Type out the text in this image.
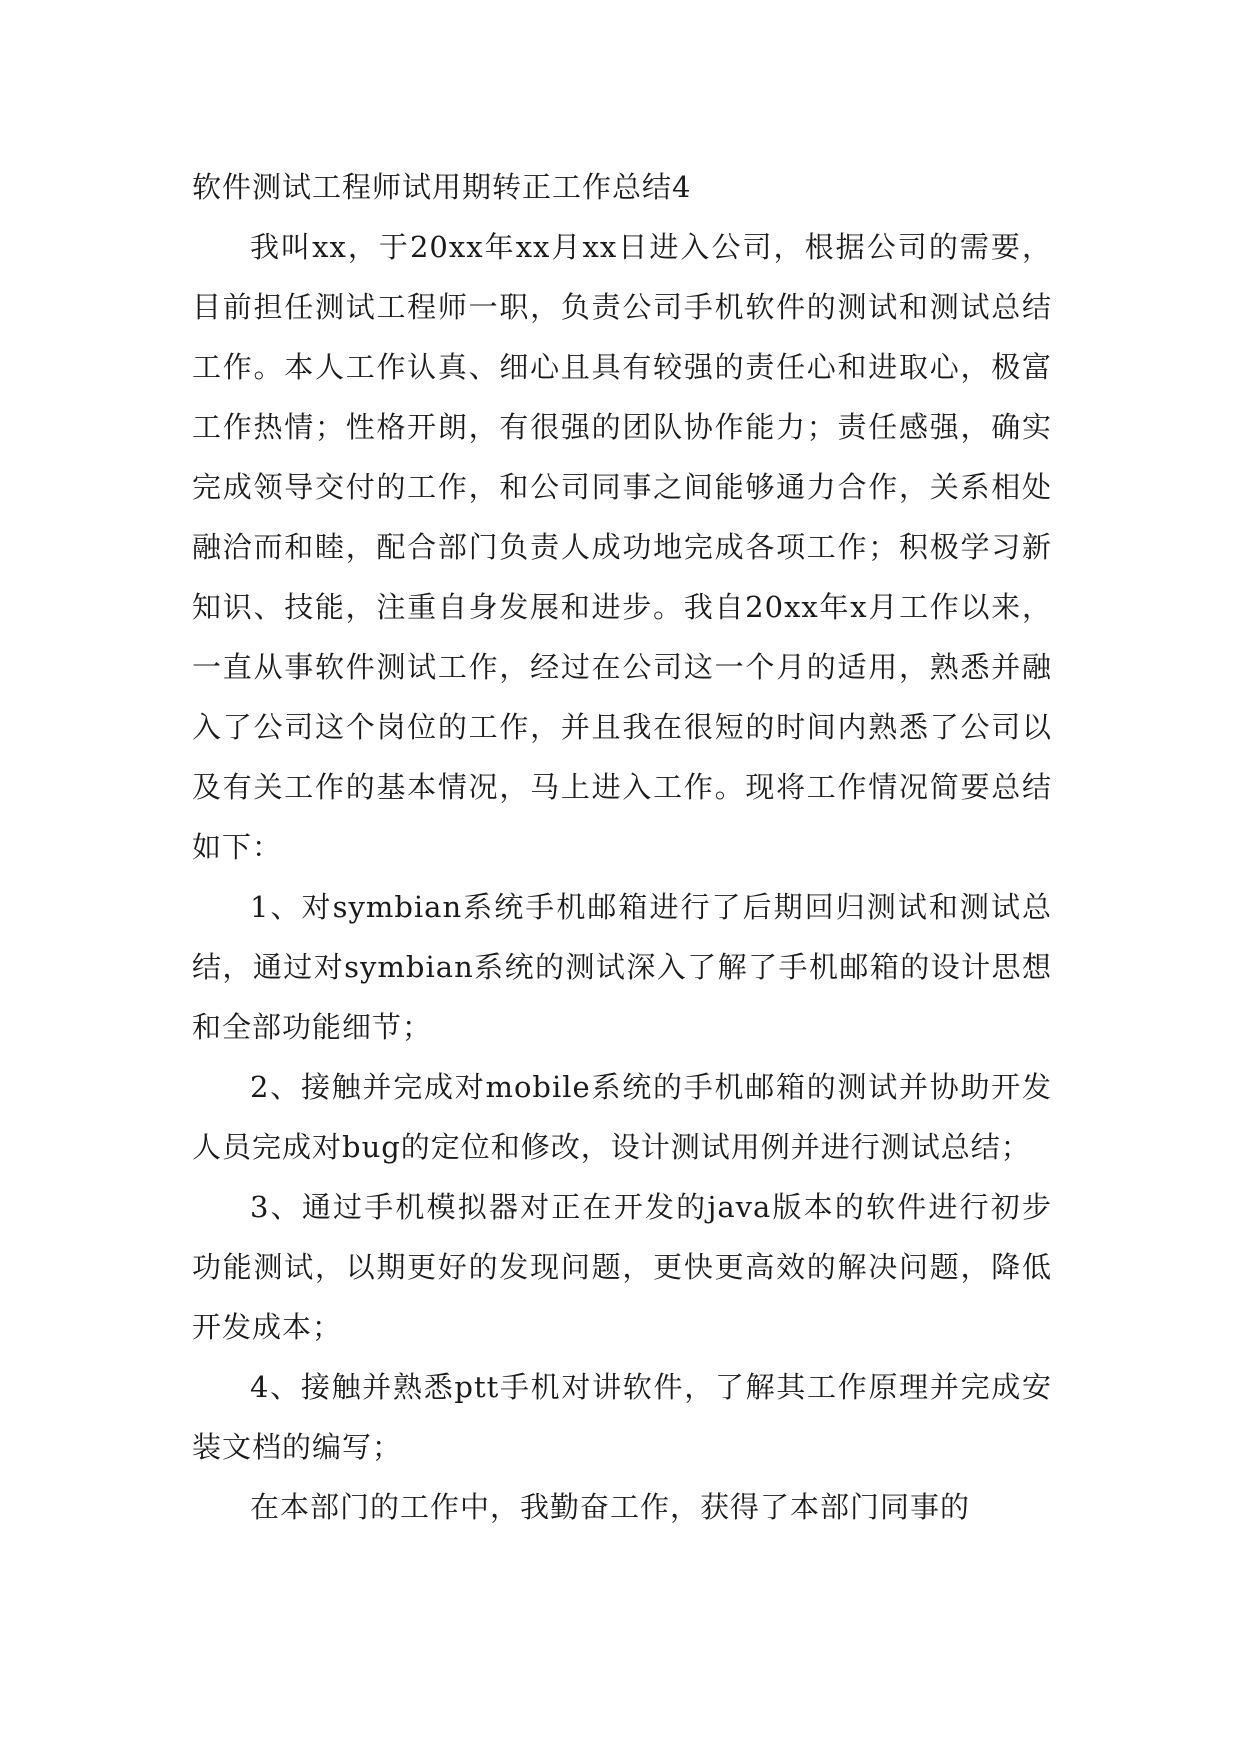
软件测试工程师试用期转正工作总结4

我叫xx，于20xx年xx月xx日进入公司，根据公司的需要，目前担任测试工程师一职，负责公司手机软件的测试和测试总结工作。本人工作认真、细心且具有较强的责任心和进取心，极富工作热情；性格开朗，有很强的团队协作能力；责任感强，确实完成领导交付的工作，和公司同事之间能够通力合作，关系相处融洽而和睦，配合部门负责人成功地完成各项工作；积极学习新知识、技能，注重自身发展和进步。我自20xx年x月工作以来，一直从事软件测试工作，经过在公司这一个月的适用，熟悉并融入了公司这个岗位的工作，并且我在很短的时间内熟悉了公司以及有关工作的基本情况，马上进入工作。现将工作情况简要总结如下：

1、对symbian系统手机邮箱进行了后期回归测试和测试总结，通过对symbian系统的测试深入了解了手机邮箱的设计思想和全部功能细节；

2、接触并完成对mobile系统的手机邮箱的测试并协助开发人员完成对bug的定位和修改，设计测试用例并进行测试总结；

3、通过手机模拟器对正在开发的java版本的软件进行初步功能测试，以期更好的发现问题，更快更高效的解决问题，降低开发成本；

4、接触并熟悉ptt手机对讲软件，了解其工作原理并完成安装文档的编写；

在本部门的工作中，我勤奋工作，获得了本部门同事的
